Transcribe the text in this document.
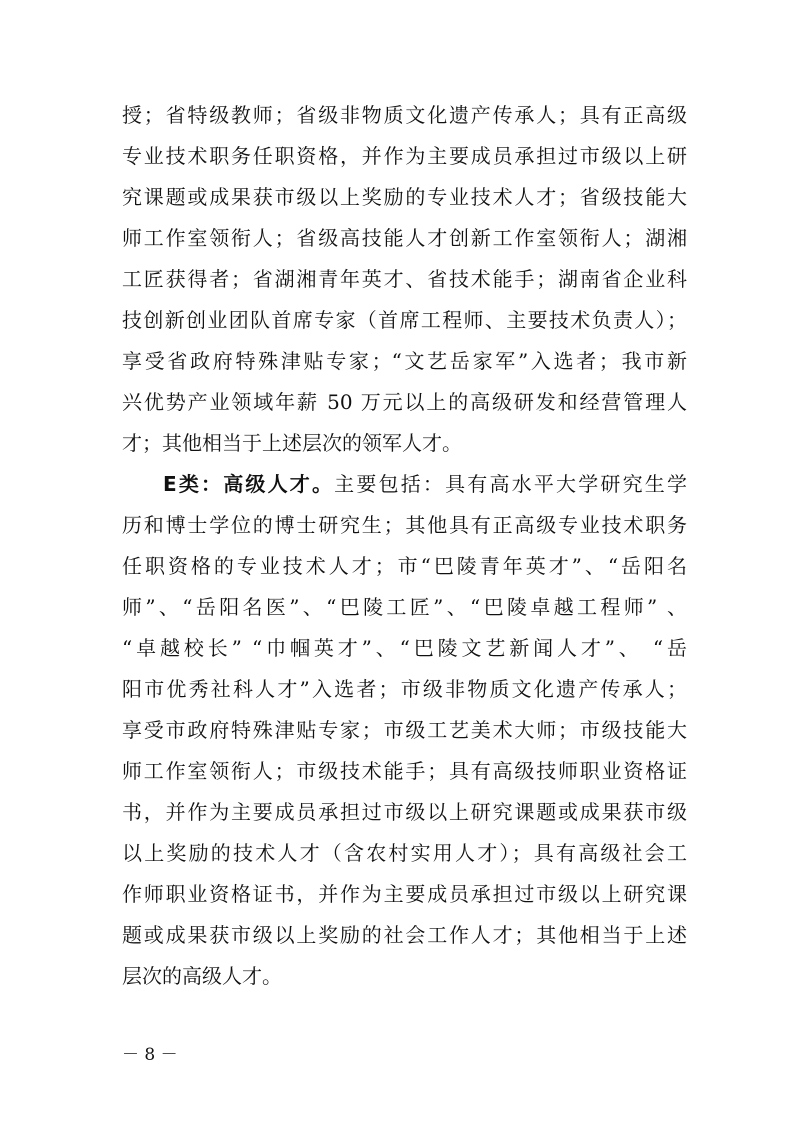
授；省特级教师；省级非物质文化遗产传承人；具有正高级
专业技术职务任职资格，并作为主要成员承担过市级以上研
究课题或成果获市级以上奖励的专业技术人才；省级技能大
师工作室领衔人；省级高技能人才创新工作室领衔人；湖湘
工匠获得者；省湖湘青年英才、省技术能手；湖南省企业科
技创新创业团队首席专家（首席工程师、主要技术负责人）；
享受省政府特殊津贴专家；“文艺岳家军”入选者；我市新
兴优势产业领域年薪 50 万元以上的高级研发和经营管理人
才；其他相当于上述层次的领军人才。
E类：高级人才。主要包括：具有高水平大学研究生学
历和博士学位的博士研究生；其他具有正高级专业技术职务
任职资格的专业技术人才；市“巴陵青年英才”、“岳阳名
师”、“岳阳名医”、“巴陵工匠”、“巴陵卓越工程师” 、
“卓越校长” “巾帼英才”、“巴陵文艺新闻人才”、 “岳
阳市优秀社科人才”入选者；市级非物质文化遗产传承人；
享受市政府特殊津贴专家；市级工艺美术大师；市级技能大
师工作室领衔人；市级技术能手；具有高级技师职业资格证
书，并作为主要成员承担过市级以上研究课题或成果获市级
以上奖励的技术人才（含农村实用人才）；具有高级社会工
作师职业资格证书，并作为主要成员承担过市级以上研究课
题或成果获市级以上奖励的社会工作人才；其他相当于上述
层次的高级人才。
－ 8 －
